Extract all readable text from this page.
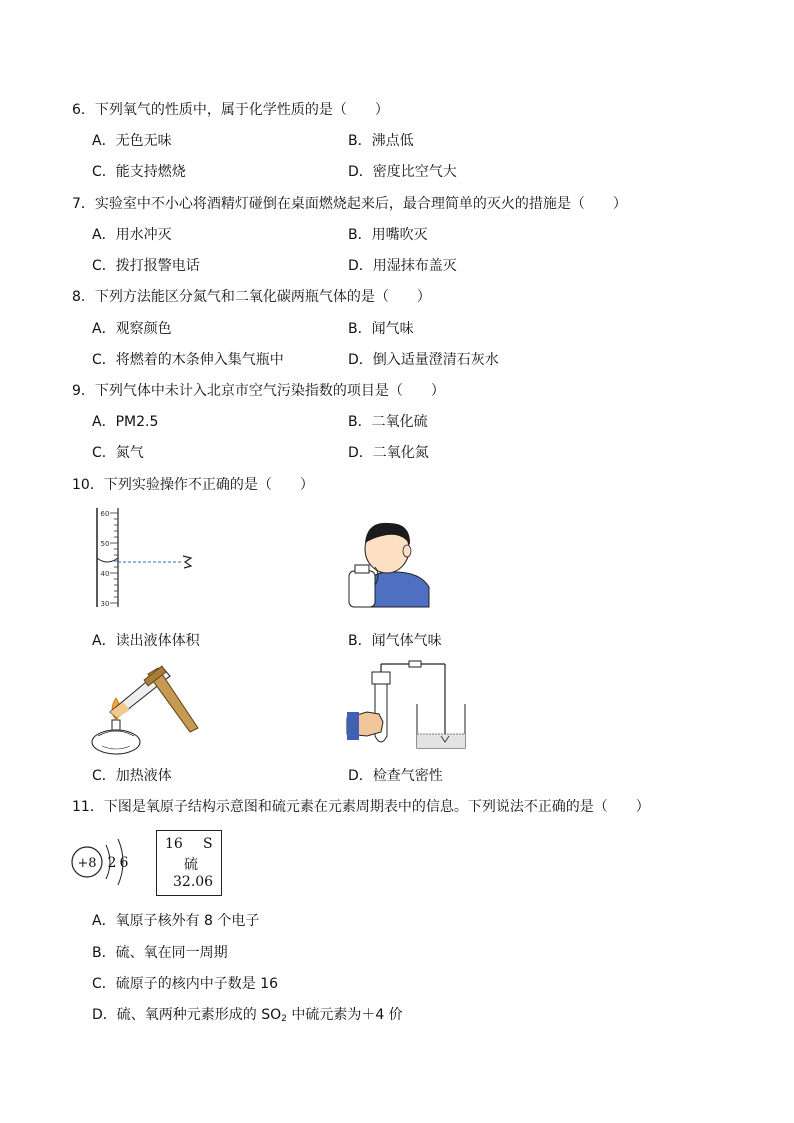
6．下列氧气的性质中，属于化学性质的是（　　）
A．无色无味	B．沸点低
C．能支持燃烧	D．密度比空气大
7．实验室中不小心将酒精灯碰倒在桌面燃烧起来后，最合理简单的灭火的措施是（　　）
A．用水冲灭	B．用嘴吹灭
C．拨打报警电话	D．用湿抹布盖灭
8．下列方法能区分氮气和二氧化碳两瓶气体的是（　　）
A．观察颜色	B．闻气味
C．将燃着的木条伸入集气瓶中	D．倒入适量澄清石灰水
9．下列气体中未计入北京市空气污染指数的项目是（　　）
A．PM2.5	B．二氧化硫
C．氮气	D．二氧化氮
10．下列实验操作不正确的是（　　）
60
50
40
30
A．读出液体体积	B．闻气体气味
C．加热液体	D．检查气密性
11．下图是氧原子结构示意图和硫元素在元素周期表中的信息。下列说法不正确的是（　　）
+8 2 6
16 S
硫
32.06
A．氧原子核外有 8 个电子
B．硫、氧在同一周期
C．硫原子的核内中子数是 16
D．硫、氧两种元素形成的 $SO_2$ 中硫元素为＋4 价
